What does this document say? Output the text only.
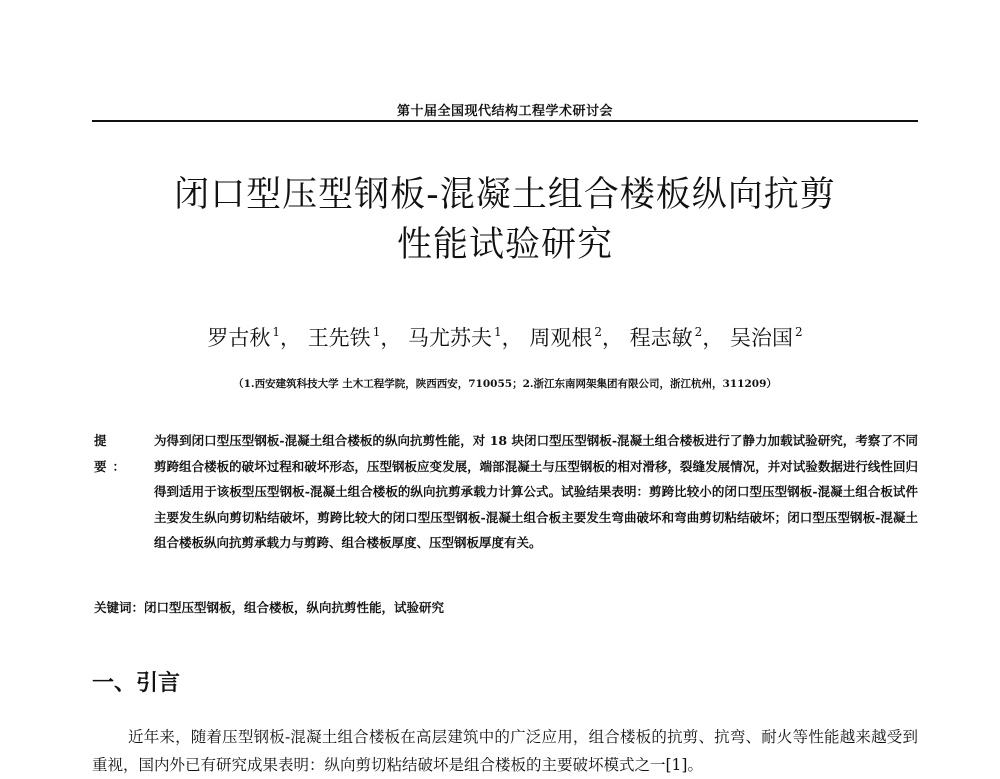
第十届全国现代结构工程学术研讨会
闭口型压型钢板-混凝土组合楼板纵向抗剪
性能试验研究
罗古秋 $^1$， 王先铁 $^1$， 马尤苏夫 $^1$， 周观根 $^2$， 程志敏 $^2$， 吴治国 $^2$
（1.西安建筑科技大学 土木工程学院，陕西西安，710055；2.浙江东南网架集团有限公司，浙江杭州，311209）
提 要：
为得到闭口型压型钢板-混凝土组合楼板的纵向抗剪性能，对 18 块闭口型压型钢板-混凝土组合楼板进行了静力加载试验研究，考察了不同剪跨组合楼板的破坏过程和破坏形态，压型钢板应变发展，端部混凝土与压型钢板的相对滑移，裂缝发展情况，并对试验数据进行线性回归得到适用于该板型压型钢板-混凝土组合楼板的纵向抗剪承载力计算公式。试验结果表明：剪跨比较小的闭口型压型钢板-混凝土组合板试件主要发生纵向剪切粘结破坏，剪跨比较大的闭口型压型钢板-混凝土组合板主要发生弯曲破坏和弯曲剪切粘结破坏；闭口型压型钢板-混凝土组合楼板纵向抗剪承载力与剪跨、组合楼板厚度、压型钢板厚度有关。
关键词：闭口型压型钢板，组合楼板，纵向抗剪性能，试验研究
一、引言
近年来，随着压型钢板-混凝土组合楼板在高层建筑中的广泛应用，组合楼板的抗剪、抗弯、耐火等性能越来越受到重视，国内外已有研究成果表明：纵向剪切粘结破坏是组合楼板的主要破坏模式之一[1]。
